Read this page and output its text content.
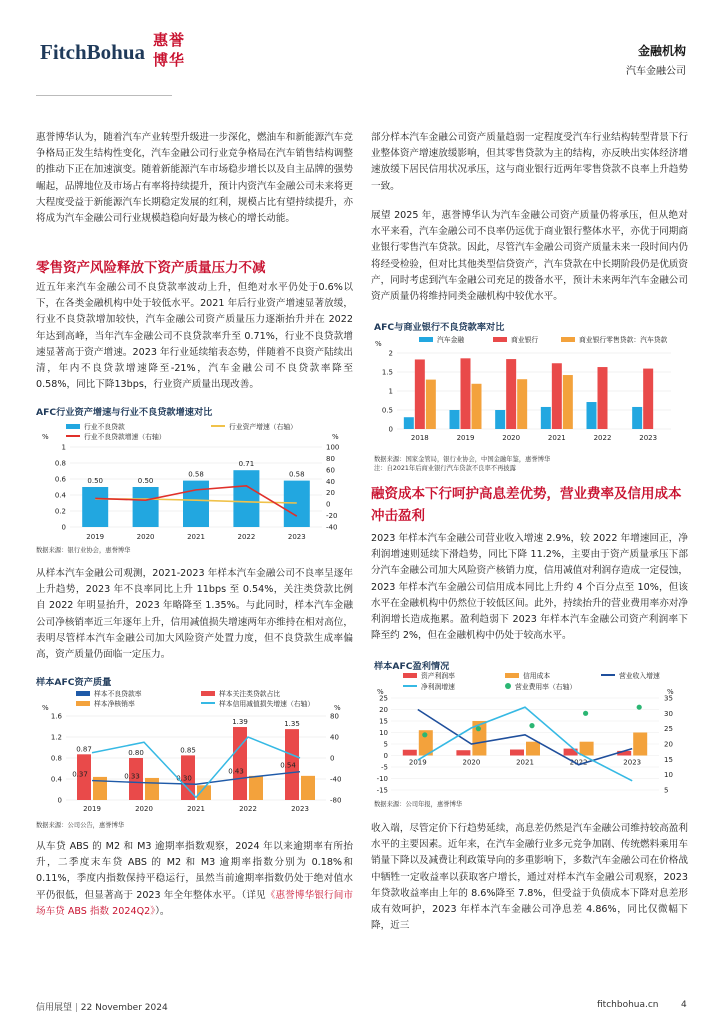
FitchBohua 惠誉
博华	金融机构
汽车金融公司
惠誉博华认为，随着汽车产业转型升级进一步深化，燃油车和新能源汽车竞争格局正发生结构性变化，汽车金融公司行业竞争格局在汽车销售结构调整的推动下正在加速演变。随着新能源汽车市场稳步增长以及自主品牌的强势崛起，品牌地位及市场占有率将持续提升，预计内资汽车金融公司未来将更大程度受益于新能源汽车长期稳定发展的红利，规模占比有望持续提升，亦将成为汽车金融公司行业规模趋稳向好最为核心的增长动能。
零售资产风险释放下资产质量压力不减
近五年来汽车金融公司不良贷款率波动上升，但绝对水平仍处于0.6%以下，在各类金融机构中处于较低水平。2021 年后行业资产增速显著放缓，行业不良贷款增加较快，汽车金融公司资产质量压力逐渐抬升并在 2022 年达到高峰，当年汽车金融公司不良贷款率升至 0.71%，行业不良贷款增速显著高于资产增速。2023 年行业延续缩表态势，伴随着不良资产陆续出清，年内不良贷款增速降至-21%，汽车金融公司不良贷款率降至 0.58%，同比下降13bps，行业资产质量出现改善。
AFC行业资产增速与行业不良贷款增速对比
行业不良贷款	行业资产增速（右轴）
行业不良贷款增速（右轴）
%	%
0
0.2
0.4
0.6
0.8
1
-40
-20
0
20
40
60
80
100
0.50
2019
0.50
2020
0.58
2021
0.71
2022
0.58
2023
数据来源：银行业协会，惠誉博华
从样本汽车金融公司观测，2021-2023 年样本汽车金融公司不良率呈逐年上升趋势，2023 年不良率同比上升 11bps 至 0.54%，关注类贷款比例自 2022 年明显抬升，2023 年略降至 1.35%。与此同时，样本汽车金融公司净核销率近三年逐年上升，信用减值损失增速两年亦维持在相对高位，表明尽管样本汽车金融公司加大风险资产处置力度，但不良贷款生成率偏高，资产质量仍面临一定压力。
样本AFC资产质量
样本不良贷款率	样本关注类贷款占比
样本净核销率	样本信用减值损失增速（右轴）
%	%
0
0.4
0.8
1.2
1.6
-80
-40
0
40
80
0.87
2019
0.80
2020
0.85
2021
1.39
2022
1.35
2023
0.37	0.33	0.30
0.43
0.54
数据来源：公司公告，惠誉博华
从车贷 ABS 的 M2 和 M3 逾期率指数观察，2024 年以来逾期率有所抬升，二季度末车贷 ABS 的 M2 和 M3 逾期率指数分别为 0.18%和0.11%，季度内指数保持平稳运行，虽然当前逾期率指数仍处于绝对值水平仍很低，但显著高于 2023 年全年整体水平。（详见《惠誉博华银行间市场车贷 ABS 指数 2024Q2》）。
部分样本汽车金融公司资产质量趋弱一定程度受汽车行业结构转型背景下行业整体资产增速放缓影响，但其零售贷款为主的结构，亦反映出实体经济增速放缓下居民信用状况承压，这与商业银行近两年零售贷款不良率上升趋势一致。
展望 2025 年，惠誉博华认为汽车金融公司资产质量仍将承压，但从绝对水平来看，汽车金融公司不良率仍远优于商业银行整体水平，亦优于同期商业银行零售汽车贷款。因此，尽管汽车金融公司资产质量未来一段时间内仍将经受检验，但对比其他类型信贷资产，汽车贷款在中长期阶段仍是优质资产，同时考虑到汽车金融公司充足的拨备水平，预计未来两年汽车金融公司资产质量仍将维持同类金融机构中较优水平。
AFC与商业银行不良贷款率对比
汽车金融	商业银行	商业银行零售贷款：汽车贷款
%
0
0.5
1
1.5
2
2018	2019	2020	2021	2022	2023
数据来源：国家金管局，银行业协会，中国金融年鉴，惠誉博华
注：自2021年后商业银行汽车贷款不良率不再披露
融资成本下行呵护高息差优势，营业费率及信用成本冲击盈利
2023 年样本汽车金融公司营业收入增速 2.9%，较 2022 年增速回正，净利润增速则延续下滑趋势，同比下降 11.2%，主要由于资产质量承压下部分汽车金融公司加大风险资产核销力度，信用减值对利润存造成一定侵蚀，2023 年样本汽车金融公司信用成本同比上升约 4 个百分点至 10%，但该水平在金融机构中仍然位于较低区间。此外，持续抬升的营业费用率亦对净利润增长造成拖累。盈利趋弱下 2023 年样本汽车金融公司资产利润率下降至约 2%，但在金融机构中仍处于较高水平。
样本AFC盈利情况
资产利润率	信用成本	营业收入增速
净利润增速	营业费用率（右轴）
%	%
-15
-10
-5
0
5
10
15
20
25
5
10
15
20
25
30
35
2019	2020	2021	2022	2023
数据来源：公司年报，惠誉博华
收入端，尽管定价下行趋势延续，高息差仍然是汽车金融公司维持较高盈利水平的主要因素。近年来，在汽车金融行业多元竞争加剧、传统燃料乘用车销量下降以及减费让利政策导向的多重影响下，多数汽车金融公司在价格战中牺牲一定收益率以获取客户增长，通过对样本汽车金融公司观察，2023 年贷款收益率由上年的 8.6%降至 7.8%，但受益于负债成本下降对息差形成有效呵护，2023 年样本汽车金融公司净息差 4.86%，同比仅微幅下降，近三
信用展望 | 22 November 2024	fitchbohua.cn 4
